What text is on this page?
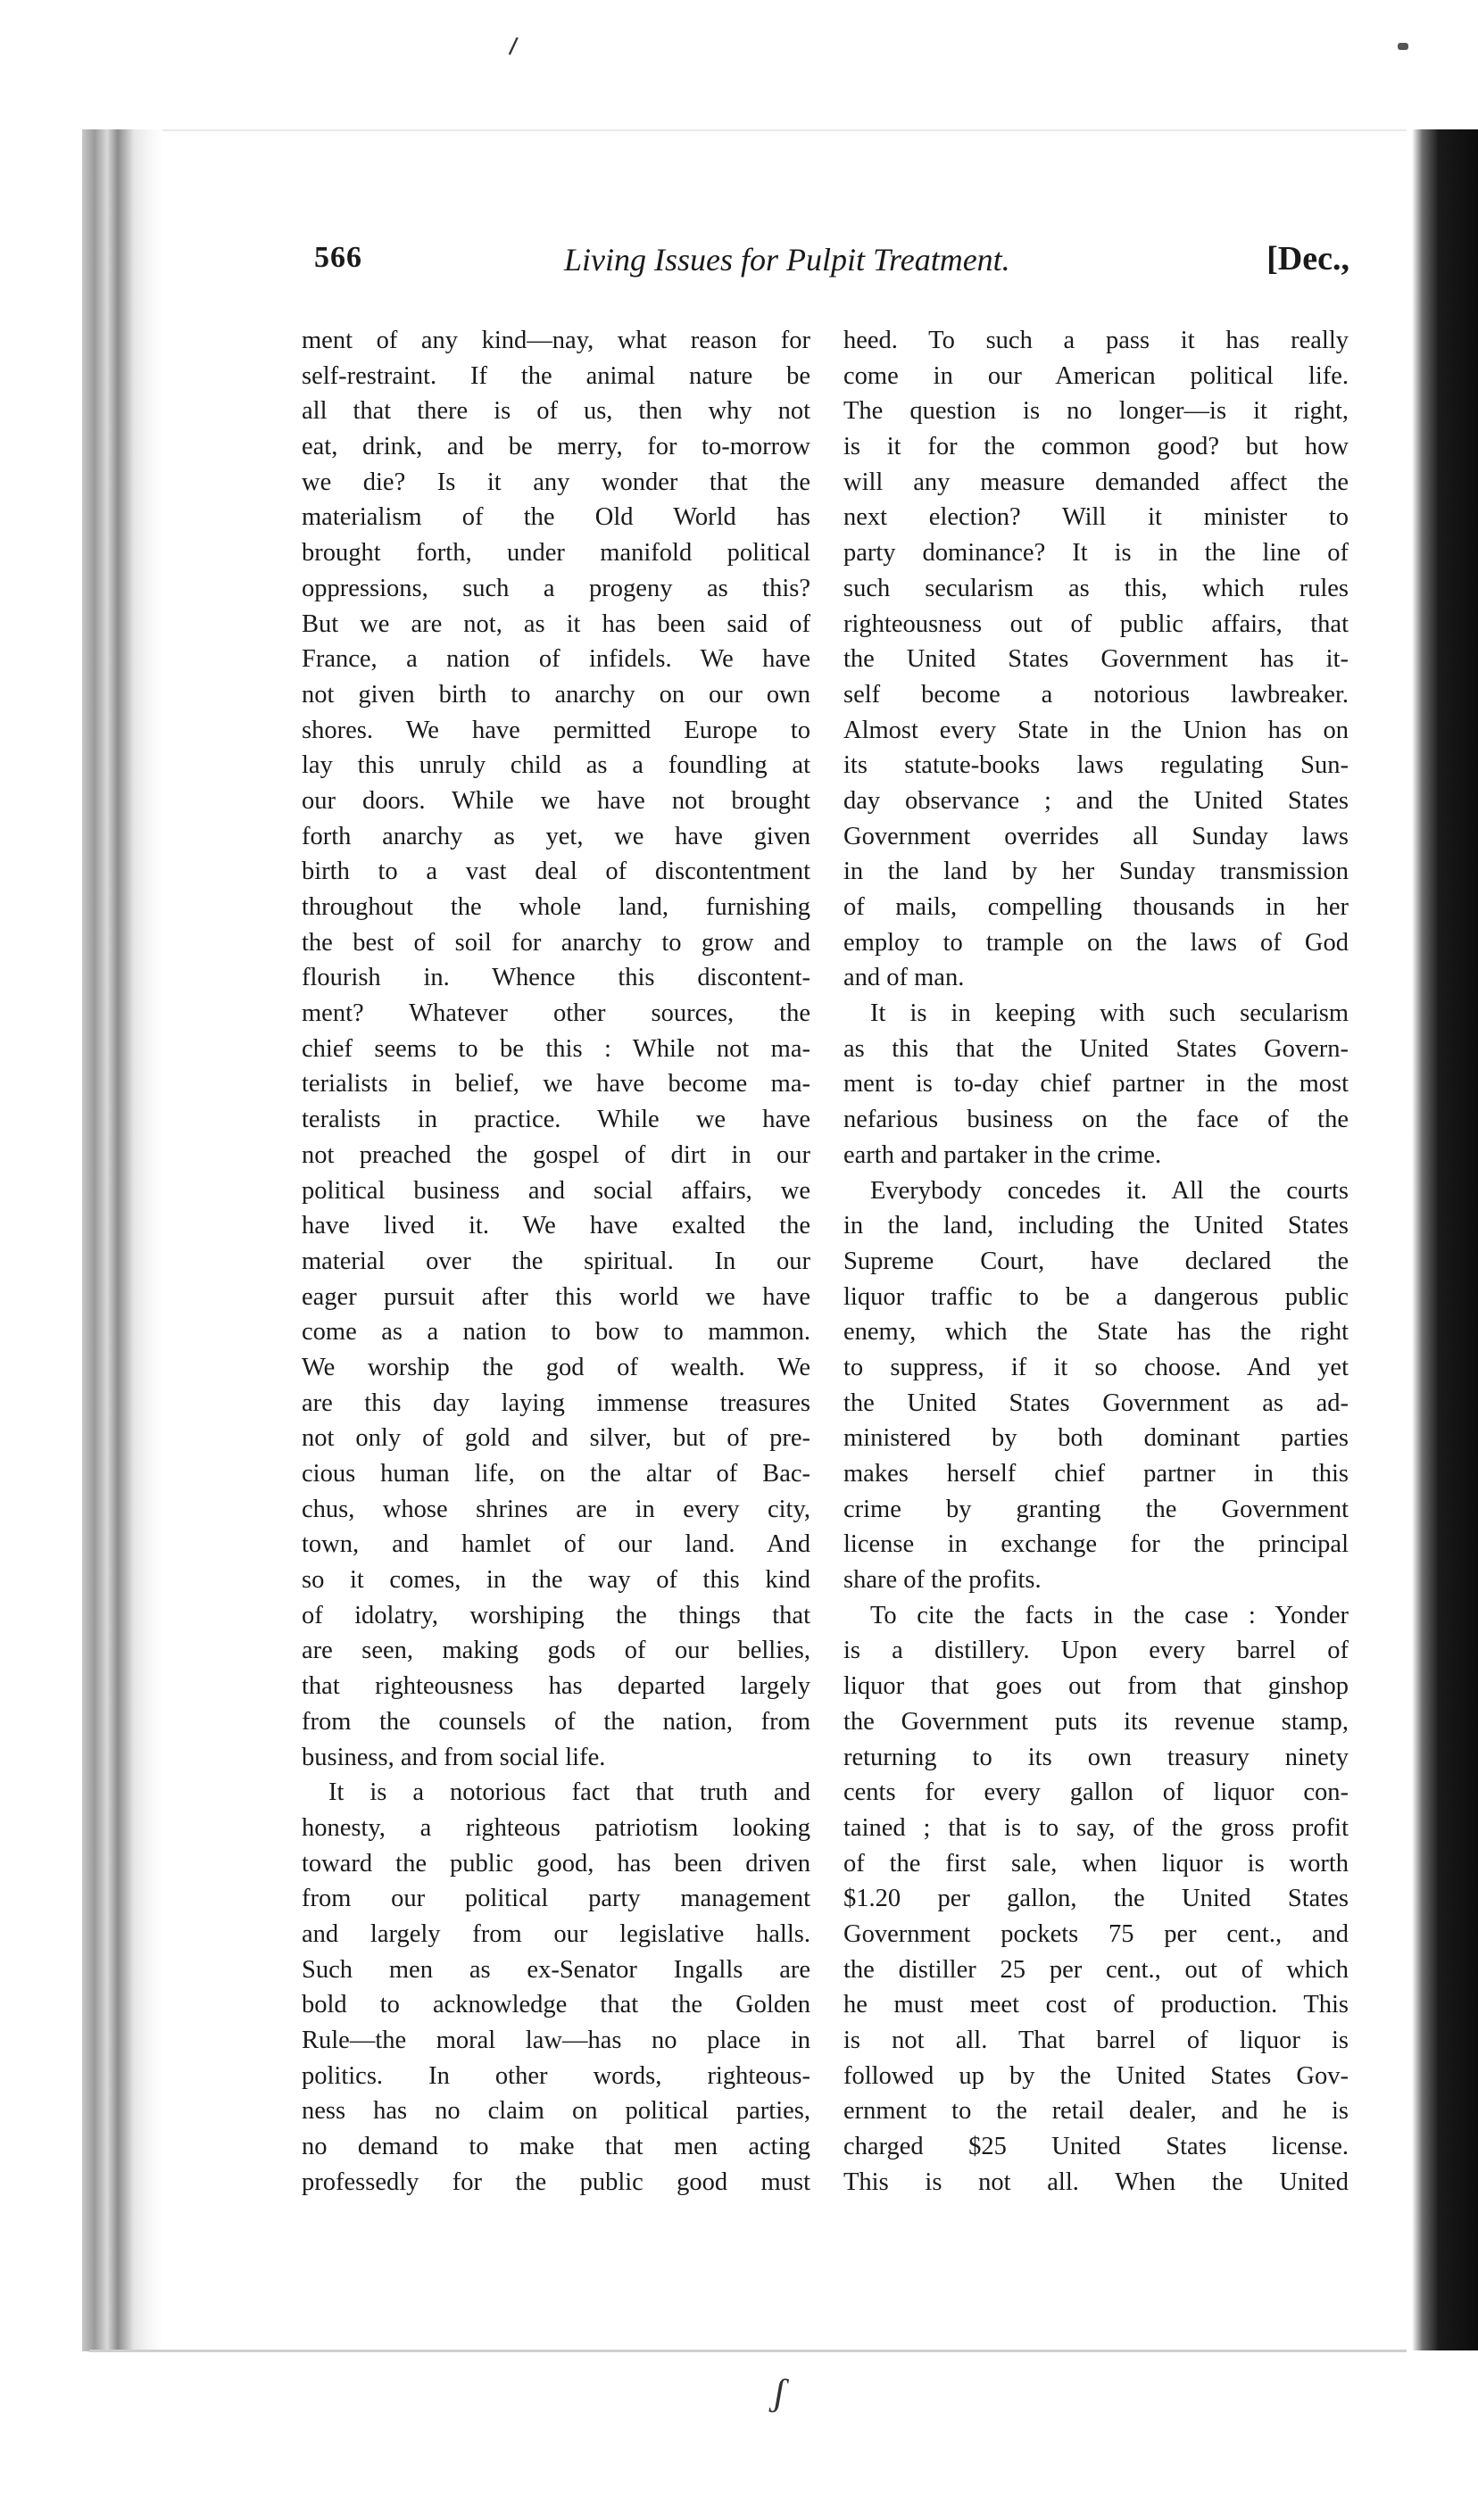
⸝
ʃ
566	Living Issues for Pulpit Treatment.	[Dec.,
ment of any kind—nay, what reason for
self-restraint. If the animal nature be
all that there is of us, then why not
eat, drink, and be merry, for to-morrow
we die? Is it any wonder that the
materialism of the Old World has
brought forth, under manifold political
oppressions, such a progeny as this?
But we are not, as it has been said of
France, a nation of infidels. We have
not given birth to anarchy on our own
shores. We have permitted Europe to
lay this unruly child as a foundling at
our doors. While we have not brought
forth anarchy as yet, we have given
birth to a vast deal of discontentment
throughout the whole land, furnishing
the best of soil for anarchy to grow and
flourish in. Whence this discontent-
ment? Whatever other sources, the
chief seems to be this : While not ma-
terialists in belief, we have become ma-
teralists in practice. While we have
not preached the gospel of dirt in our
political business and social affairs, we
have lived it. We have exalted the
material over the spiritual. In our
eager pursuit after this world we have
come as a nation to bow to mammon.
We worship the god of wealth. We
are this day laying immense treasures
not only of gold and silver, but of pre-
cious human life, on the altar of Bac-
chus, whose shrines are in every city,
town, and hamlet of our land. And
so it comes, in the way of this kind
of idolatry, worshiping the things that
are seen, making gods of our bellies,
that righteousness has departed largely
from the counsels of the nation, from
business, and from social life.
It is a notorious fact that truth and
honesty, a righteous patriotism looking
toward the public good, has been driven
from our political party management
and largely from our legislative halls.
Such men as ex-Senator Ingalls are
bold to acknowledge that the Golden
Rule—the moral law—has no place in
politics. In other words, righteous-
ness has no claim on political parties,
no demand to make that men acting
professedly for the public good must
heed. To such a pass it has really
come in our American political life.
The question is no longer—is it right,
is it for the common good? but how
will any measure demanded affect the
next election? Will it minister to
party dominance? It is in the line of
such secularism as this, which rules
righteousness out of public affairs, that
the United States Government has it-
self become a notorious lawbreaker.
Almost every State in the Union has on
its statute-books laws regulating Sun-
day observance ; and the United States
Government overrides all Sunday laws
in the land by her Sunday transmission
of mails, compelling thousands in her
employ to trample on the laws of God
and of man.
It is in keeping with such secularism
as this that the United States Govern-
ment is to-day chief partner in the most
nefarious business on the face of the
earth and partaker in the crime.
Everybody concedes it. All the courts
in the land, including the United States
Supreme Court, have declared the
liquor traffic to be a dangerous public
enemy, which the State has the right
to suppress, if it so choose. And yet
the United States Government as ad-
ministered by both dominant parties
makes herself chief partner in this
crime by granting the Government
license in exchange for the principal
share of the profits.
To cite the facts in the case : Yonder
is a distillery. Upon every barrel of
liquor that goes out from that ginshop
the Government puts its revenue stamp,
returning to its own treasury ninety
cents for every gallon of liquor con-
tained ; that is to say, of the gross profit
of the first sale, when liquor is worth
$1.20 per gallon, the United States
Government pockets 75 per cent., and
the distiller 25 per cent., out of which
he must meet cost of production. This
is not all. That barrel of liquor is
followed up by the United States Gov-
ernment to the retail dealer, and he is
charged $25 United States license.
This is not all. When the United
